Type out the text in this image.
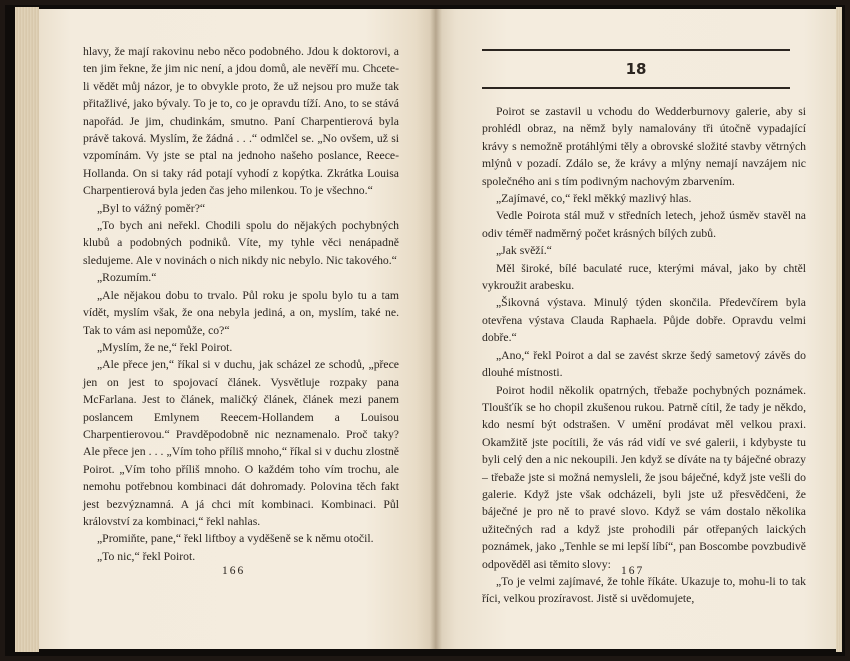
hlavy, že mají rakovinu nebo něco podobného. Jdou k doktorovi, a ten jim řekne, že jim nic není, a jdou domů, ale nevěří mu. Chcete-li vědět můj názor, je to obvykle proto, že už nejsou pro muže tak přitažlivé, jako bývaly. To je to, co je opravdu tíží. Ano, to se stává napořád. Je jim, chudinkám, smutno. Paní Charpentierová byla právě taková. Myslím, že žádná . . .“ odmlčel se. „No ovšem, už si vzpomínám. Vy jste se ptal na jednoho našeho poslance, Reece-Hollanda. On si taky rád potají vyhodí z kopýtka. Zkrátka Louisa Charpentierová byla jeden čas jeho milenkou. To je všechno.“

„Byl to vážný poměr?“

„To bych ani neřekl. Chodili spolu do nějakých pochybných klubů a podobných podniků. Víte, my tyhle věci nenápadně sledujeme. Ale v novinách o nich nikdy nic nebylo. Nic takového.“

„Rozumím.“

„Ale nějakou dobu to trvalo. Půl roku je spolu bylo tu a tam vídět, myslím však, že ona nebyla jediná, a on, myslím, také ne. Tak to vám asi nepomůže, co?“

„Myslím, že ne,“ řekl Poirot.

„Ale přece jen,“ říkal si v duchu, jak scházel ze schodů, „přece jen on jest to spojovací článek. Vysvětluje rozpaky pana McFarlana. Jest to článek, maličký článek, článek mezi panem poslancem Emlynem Reecem-Hollandem a Louisou Charpentierovou.“ Pravděpodobně nic neznamenalo. Proč taky? Ale přece jen . . . „Vím toho příliš mnoho,“ říkal si v duchu zlostně Poirot. „Vím toho příliš mnoho. O každém toho vím trochu, ale nemohu potřebnou kombinaci dát dohromady. Polovina těch fakt jest bezvýznamná. A já chci mít kombinaci. Kombinaci. Půl království za kombinaci,“ řekl nahlas.

„Promiňte, pane,“ řekl liftboy a vyděšeně se k němu otočil.

„To nic,“ řekl Poirot.

166
18

Poirot se zastavil u vchodu do Wedderburnovy galerie, aby si prohlédl obraz, na němž byly namalovány tři útočně vypadající krávy s nemožně protáhlými těly a obrovské složité stavby větrných mlýnů v pozadí. Zdálo se, že krávy a mlýny nemají navzájem nic společného ani s tím podivným nachovým zbarvením.

„Zajímavé, co,“ řekl měkký mazlivý hlas.

Vedle Poirota stál muž v středních letech, jehož úsměv stavěl na odiv téměř nadměrný počet krásných bílých zubů.

„Jak svěží.“

Měl široké, bílé baculaté ruce, kterými mával, jako by chtěl vykroužit arabesku.

„Šikovná výstava. Minulý týden skončila. Předevčírem byla otevřena výstava Clauda Raphaela. Půjde dobře. Opravdu velmi dobře.“

„Ano,“ řekl Poirot a dal se zavést skrze šedý sametový závěs do dlouhé místnosti.

Poirot hodil několik opatrných, třebaže pochybných poznámek. Tloušťík se ho chopil zkušenou rukou. Patrně cítil, že tady je někdo, kdo nesmí být odstrašen. V umění prodávat měl velkou praxi. Okamžitě jste pocítili, že vás rád vidí ve své galerii, i kdybyste tu byli celý den a nic nekoupili. Jen když se díváte na ty báječné obrazy – třebaže jste si možná nemysleli, že jsou báječné, když jste vešli do galerie. Když jste však odcházeli, byli jste už přesvědčeni, že báječné je pro ně to pravé slovo. Když se vám dostalo několika užitečných rad a když jste prohodili pár otřepaných laických poznámek, jako „Tenhle se mi lepší líbí“, pan Boscombe povzbudivě odpověděl asi těmito slovy:

„To je velmi zajímavé, že tohle říkáte. Ukazuje to, mohu-li to tak říci, velkou prozíravost. Jistě si uvědomujete,

167
